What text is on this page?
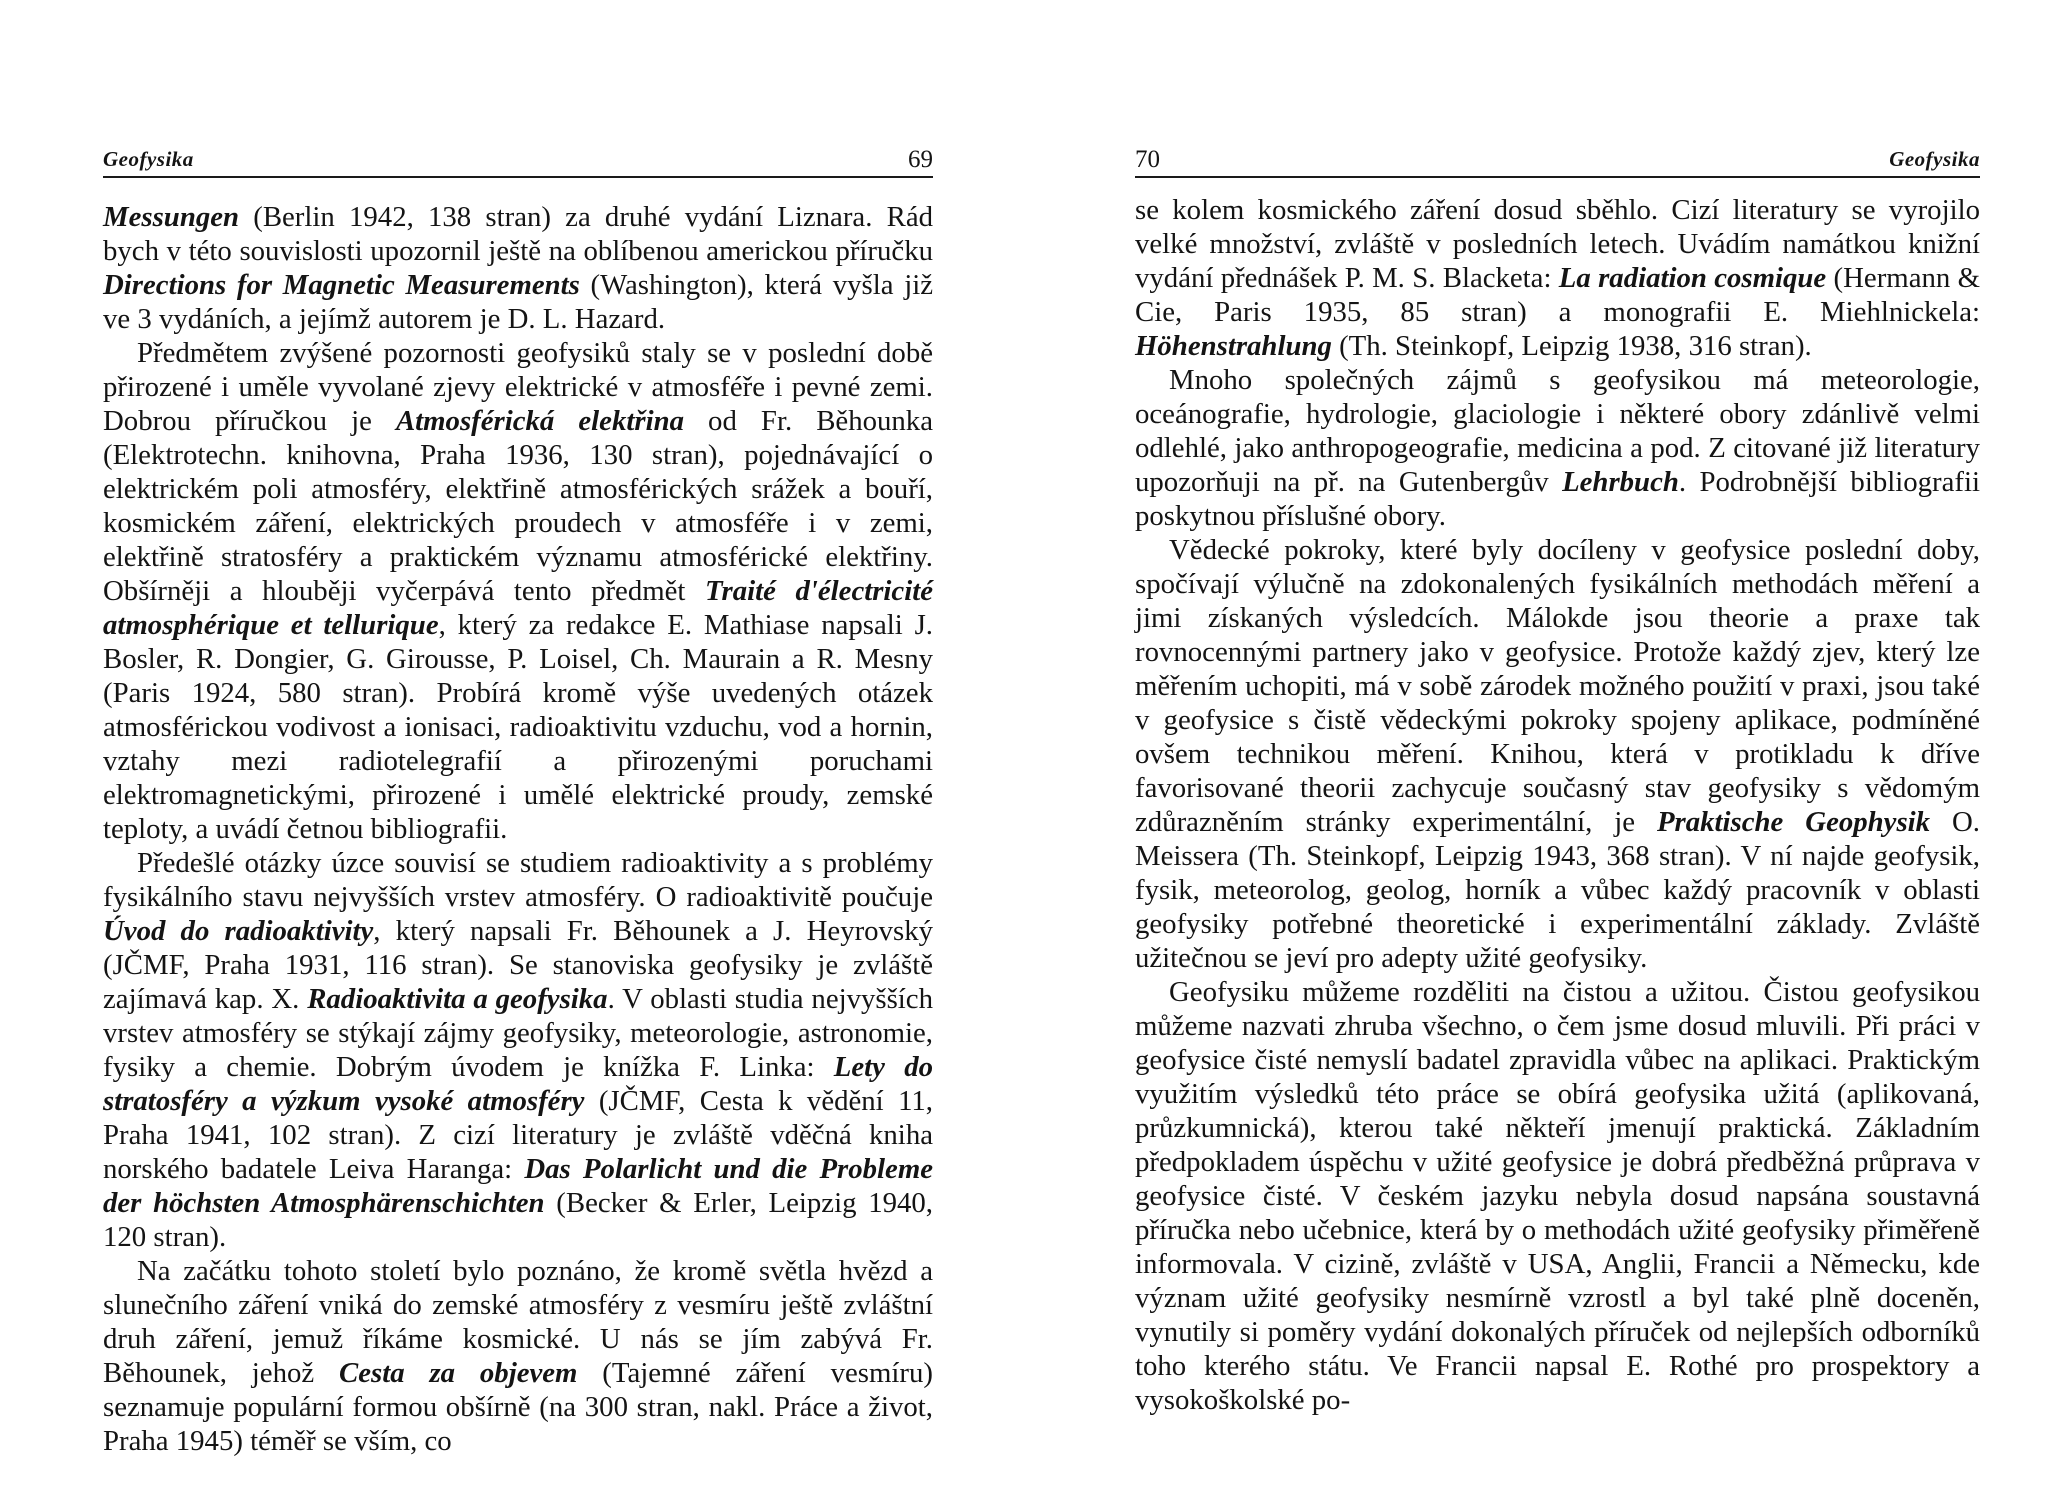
Geofysika	69

Messungen (Berlin 1942, 138 stran) za druhé vydání Liznara. Rád bych v této souvislosti upozornil ještě na oblíbenou americkou příručku Directions for Magnetic Measurements (Washington), která vyšla již ve 3 vydáních, a jejímž autorem je D. L. Hazard.

Předmětem zvýšené pozornosti geofysiků staly se v poslední době přirozené i uměle vyvolané zjevy elektrické v atmosféře i pevné zemi. Dobrou příručkou je Atmosférická elektřina od Fr. Běhounka (Elektrotechn. knihovna, Praha 1936, 130 stran), pojednávající o elektrickém poli atmosféry, elektřině atmosférických srážek a bouří, kosmickém záření, elektrických proudech v atmosféře i v zemi, elektřině stratosféry a praktickém významu atmosférické elektřiny. Obšírněji a hlouběji vyčerpává tento předmět Traité d'électricité atmosphérique et tellurique, který za redakce E. Mathiase napsali J. Bosler, R. Dongier, G. Girousse, P. Loisel, Ch. Maurain a R. Mesny (Paris 1924, 580 stran). Probírá kromě výše uvedených otázek atmosférickou vodivost a ionisaci, radioaktivitu vzduchu, vod a hornin, vztahy mezi radiotelegrafií a přirozenými poruchami elektromagnetickými, přirozené i umělé elektrické proudy, zemské teploty, a uvádí četnou bibliografii.

Předešlé otázky úzce souvisí se studiem radioaktivity a s problémy fysikálního stavu nejvyšších vrstev atmosféry. O radioaktivitě poučuje Úvod do radioaktivity, který napsali Fr. Běhounek a J. Heyrovský (JČMF, Praha 1931, 116 stran). Se stanoviska geofysiky je zvláště zajímavá kap. X. Radioaktivita a geofysika. V oblasti studia nejvyšších vrstev atmosféry se stýkají zájmy geofysiky, meteorologie, astronomie, fysiky a chemie. Dobrým úvodem je knížka F. Linka: Lety do stratosféry a výzkum vysoké atmosféry (JČMF, Cesta k vědění 11, Praha 1941, 102 stran). Z cizí literatury je zvláště vděčná kniha norského badatele Leiva Haranga: Das Polarlicht und die Probleme der höchsten Atmosphärenschichten (Becker & Erler, Leipzig 1940, 120 stran).

Na začátku tohoto století bylo poznáno, že kromě světla hvězd a slunečního záření vniká do zemské atmosféry z vesmíru ještě zvláštní druh záření, jemuž říkáme kosmické. U nás se jím zabývá Fr. Běhounek, jehož Cesta za objevem (Tajemné záření vesmíru) seznamuje populární formou obšírně (na 300 stran, nakl. Práce a život, Praha 1945) téměř se vším, co

70	Geofysika

se kolem kosmického záření dosud sběhlo. Cizí literatury se vyrojilo velké množství, zvláště v posledních letech. Uvádím namátkou knižní vydání přednášek P. M. S. Blacketa: La radiation cosmique (Hermann & Cie, Paris 1935, 85 stran) a monografii E. Miehlnickela: Höhenstrahlung (Th. Steinkopf, Leipzig 1938, 316 stran).

Mnoho společných zájmů s geofysikou má meteorologie, oceánografie, hydrologie, glaciologie i některé obory zdánlivě velmi odlehlé, jako anthropogeografie, medicina a pod. Z citované již literatury upozorňuji na př. na Gutenbergův Lehrbuch. Podrobnější bibliografii poskytnou příslušné obory.

Vědecké pokroky, které byly docíleny v geofysice poslední doby, spočívají výlučně na zdokonalených fysikálních methodách měření a jimi získaných výsledcích. Málokde jsou theorie a praxe tak rovnocennými partnery jako v geofysice. Protože každý zjev, který lze měřením uchopiti, má v sobě zárodek možného použití v praxi, jsou také v geofysice s čistě vědeckými pokroky spojeny aplikace, podmíněné ovšem technikou měření. Knihou, která v protikladu k dříve favorisované theorii zachycuje současný stav geofysiky s vědomým zdůrazněním stránky experimentální, je Praktische Geophysik O. Meissera (Th. Steinkopf, Leipzig 1943, 368 stran). V ní najde geofysik, fysik, meteorolog, geolog, horník a vůbec každý pracovník v oblasti geofysiky potřebné theoretické i experimentální základy. Zvláště užitečnou se jeví pro adepty užité geofysiky.

Geofysiku můžeme rozděliti na čistou a užitou. Čistou geofysikou můžeme nazvati zhruba všechno, o čem jsme dosud mluvili. Při práci v geofysice čisté nemyslí badatel zpravidla vůbec na aplikaci. Praktickým využitím výsledků této práce se obírá geofysika užitá (aplikovaná, průzkumnická), kterou také někteří jmenují praktická. Základním předpokladem úspěchu v užité geofysice je dobrá předběžná průprava v geofysice čisté. V českém jazyku nebyla dosud napsána soustavná příručka nebo učebnice, která by o methodách užité geofysiky přiměřeně informovala. V cizině, zvláště v USA, Anglii, Francii a Německu, kde význam užité geofysiky nesmírně vzrostl a byl také plně doceněn, vynutily si poměry vydání dokonalých příruček od nejlepších odborníků toho kterého státu. Ve Francii napsal E. Rothé pro prospektory a vysokoškolské po-
